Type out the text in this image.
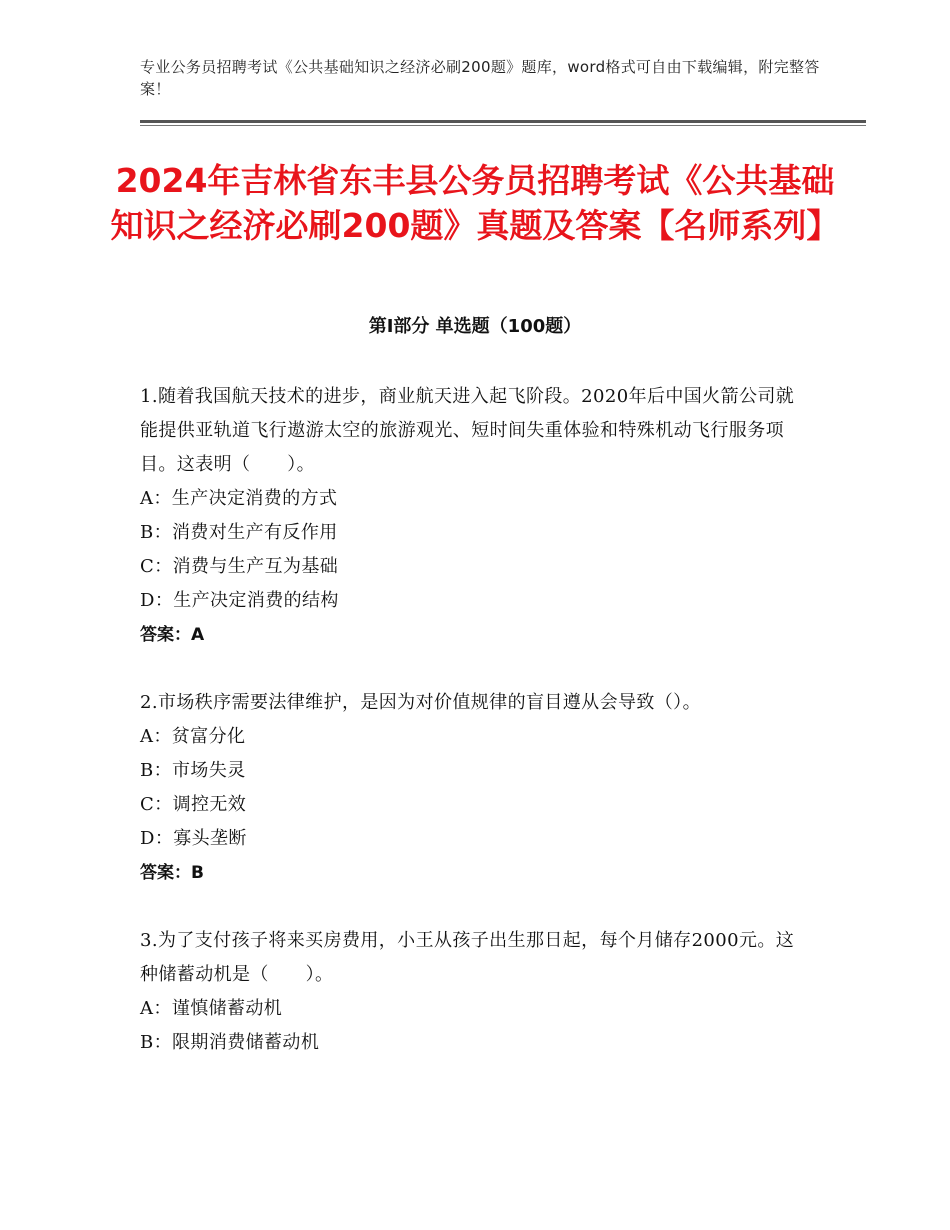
专业公务员招聘考试《公共基础知识之经济必刷200题》题库，word格式可自由下载编辑，附完整答案！
2024年吉林省东丰县公务员招聘考试《公共基础知识之经济必刷200题》真题及答案【名师系列】
第Ⅰ部分 单选题（100题）
1.随着我国航天技术的进步，商业航天进入起飞阶段。2020年后中国火箭公司就能提供亚轨道飞行遨游太空的旅游观光、短时间失重体验和特殊机动飞行服务项目。这表明（　　）。
A：生产决定消费的方式
B：消费对生产有反作用
C：消费与生产互为基础
D：生产决定消费的结构
答案：A
2.市场秩序需要法律维护，是因为对价值规律的盲目遵从会导致（）。
A：贫富分化
B：市场失灵
C：调控无效
D：寡头垄断
答案：B
3.为了支付孩子将来买房费用，小王从孩子出生那日起，每个月储存2000元。这种储蓄动机是（　　）。
A：谨慎储蓄动机
B：限期消费储蓄动机
